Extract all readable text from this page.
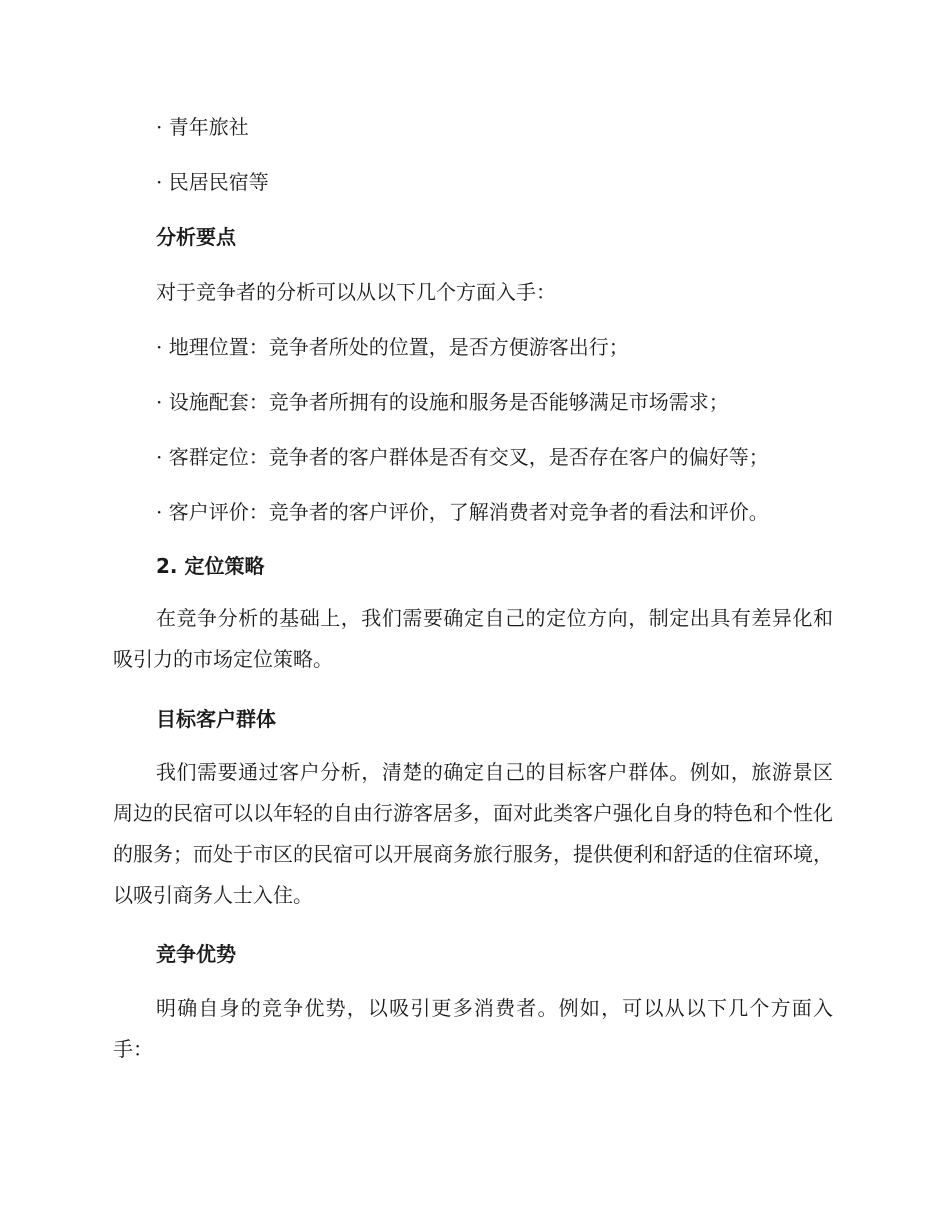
· 青年旅社
· 民居民宿等
分析要点
对于竞争者的分析可以从以下几个方面入手：
· 地理位置：竞争者所处的位置，是否方便游客出行；
· 设施配套：竞争者所拥有的设施和服务是否能够满足市场需求；
· 客群定位：竞争者的客户群体是否有交叉，是否存在客户的偏好等；
· 客户评价：竞争者的客户评价，了解消费者对竞争者的看法和评价。
2. 定位策略

在竞争分析的基础上，我们需要确定自己的定位方向，制定出具有差异化和吸引力的市场定位策略。

目标客户群体

我们需要通过客户分析，清楚的确定自己的目标客户群体。例如，旅游景区周边的民宿可以以年轻的自由行游客居多，面对此类客户强化自身的特色和个性化的服务；而处于市区的民宿可以开展商务旅行服务，提供便利和舒适的住宿环境，以吸引商务人士入住。

竞争优势

明确自身的竞争优势，以吸引更多消费者。例如，可以从以下几个方面入手：
